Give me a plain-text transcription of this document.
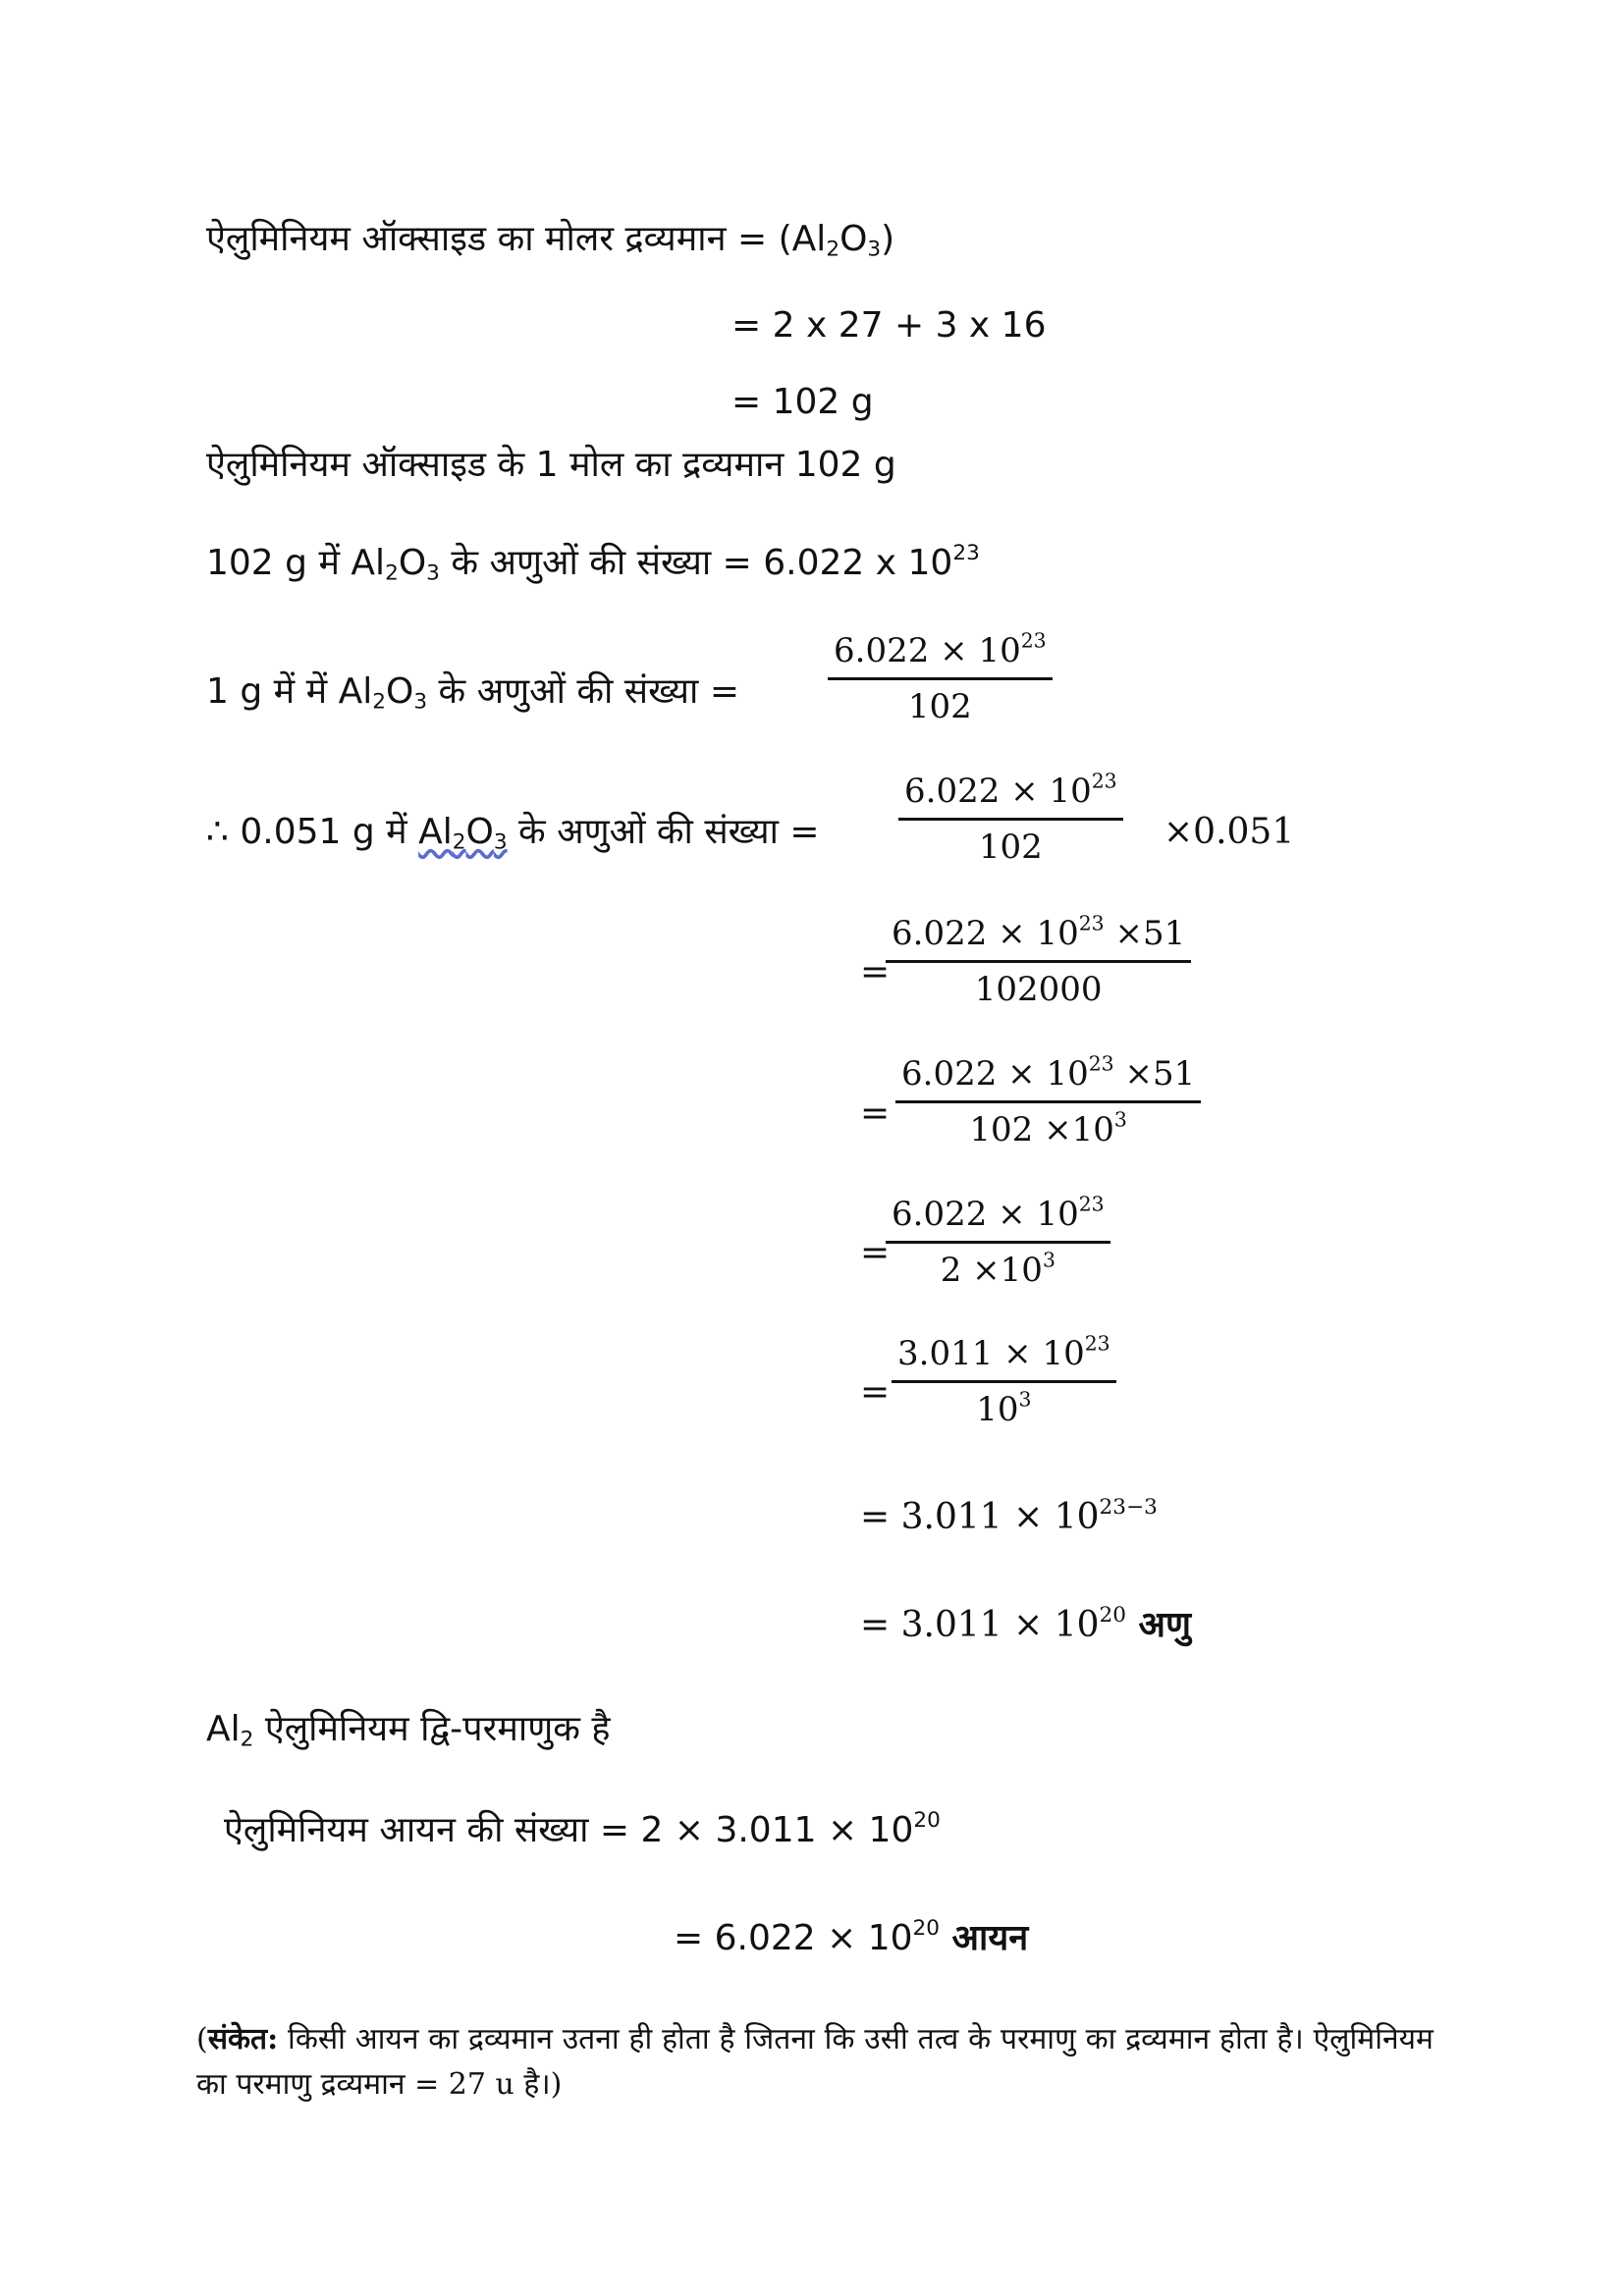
ऐलुमिनियम ऑक्साइड का मोलर द्रव्यमान = $(Al_2O_3)$
= 2 x 27 + 3 x 16
= 102 g
ऐलुमिनियम ऑक्साइड के 1 मोल का द्रव्यमान 102 g
102 g में $Al_2O_3$ के अणुओं की संख्या = 6.022 x $10^{23}$
1 g में में $Al_2O_3$ के अणुओं की संख्या =	$\frac{6.022 \times 10^{23}}{102}$
∴ 0.051 g में $Al_2O_3$ के अणुओं की संख्या = $\frac{6.022 \times 10^{23}}{102} \times 0.051$
=
$\frac{6.022 \times 10^{23} \times 51}{102000}$
= $\frac{6.022 \times 10^{23} \times 51}{102 \times 10^3}$
=
$\frac{6.022 \times 10^{23}}{2 \times 10^3}$
= $\frac{3.011 \times 10^{23}}{10^3}$
= $3.011 \times 10^{23-3}$
= $3.011 \times 10^{20}$ अणु
$Al_2$ ऐलुमिनियम द्वि-परमाणुक है
ऐलुमिनियम आयन की संख्या = $2 \times 3.011 \times 10^{20}$
= $6.022 \times 10^{20}$ आयन
(संकेत: किसी आयन का द्रव्यमान उतना ही होता है जितना कि उसी तत्व के परमाणु का द्रव्यमान होता है। ऐलुमिनियम का परमाणु द्रव्यमान = 27 u है।)
